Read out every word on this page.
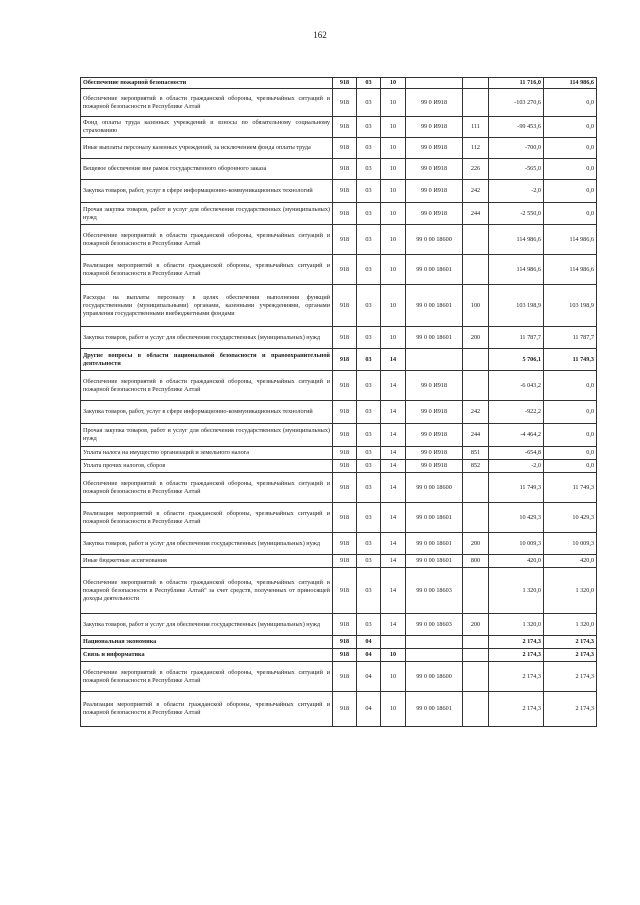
162
Обеспечение пожарной безопасности	918	03	10			11 716,0	114 986,6
Обеспечение мероприятий в области гражданской обороны, чрезвычайных ситуаций и пожарной безопасности в Республике Алтай	918	03	10	99 0 И918		-103 270,6	0,0
Фонд оплаты труда казенных учреждений и взносы по обязательному социальному страхованию	918	03	10	99 0 И918	111	-99 453,6	0,0
Иные выплаты персоналу казенных учреждений, за исключением фонда оплаты труда	918	03	10	99 0 И918	112	-700,0	0,0
Вещевое обеспечение вне рамок государственного оборонного заказа	918	03	10	99 0 И918	226	-565,0	0,0
Закупка товаров, работ, услуг в сфере информационно-коммуникационных технологий	918	03	10	99 0 И918	242	-2,0	0,0
Прочая закупка товаров, работ и услуг для обеспечения государственных (муниципальных) нужд	918	03	10	99 0 И918	244	-2 550,0	0,0
Обеспечение мероприятий в области гражданской обороны, чрезвычайных ситуаций и пожарной безопасности в Республике Алтай	918	03	10	99 0 00 18600		114 986,6	114 986,6
Реализация мероприятий в области гражданской обороны, чрезвычайных ситуаций и пожарной безопасности в Республике Алтай	918	03	10	99 0 00 18601		114 986,6	114 986,6
Расходы на выплаты персоналу в целях обеспечения выполнения функций государственными (муниципальными) органами, казенными учреждениями, органами управления государственными внебюджетными фондами	918	03	10	99 0 00 18601	100	103 198,9	103 198,9
Закупка товаров, работ и услуг для обеспечения государственных (муниципальных) нужд	918	03	10	99 0 00 18601	200	11 787,7	11 787,7
Другие вопросы в области национальной безопасности и правоохранительной деятельности	918	03	14			5 706,1	11 749,3
Обеспечение мероприятий в области гражданской обороны, чрезвычайных ситуаций и пожарной безопасности в Республике Алтай	918	03	14	99 0 И918		-6 043,2	0,0
Закупка товаров, работ, услуг в сфере информационно-коммуникационных технологий	918	03	14	99 0 И918	242	-922,2	0,0
Прочая закупка товаров, работ и услуг для обеспечения государственных (муниципальных) нужд	918	03	14	99 0 И918	244	-4 464,2	0,0
Уплата налога на имущество организаций и земельного налога	918	03	14	99 0 И918	851	-654,8	0,0
Уплата прочих налогов, сборов	918	03	14	99 0 И918	852	-2,0	0,0
Обеспечение мероприятий в области гражданской обороны, чрезвычайных ситуаций и пожарной безопасности в Республике Алтай	918	03	14	99 0 00 18600		11 749,3	11 749,3
Реализация мероприятий в области гражданской обороны, чрезвычайных ситуаций и пожарной безопасности в Республике Алтай	918	03	14	99 0 00 18601		10 429,3	10 429,3
Закупка товаров, работ и услуг для обеспечения государственных (муниципальных) нужд	918	03	14	99 0 00 18601	200	10 009,3	10 009,3
Иные бюджетные ассигнования	918	03	14	99 0 00 18601	800	420,0	420,0
Обеспечение мероприятий в области гражданской обороны, чрезвычайных ситуаций и пожарной безопасности в Республике Алтай" за счет средств, полученных от приносящей доходы деятельности	918	03	14	99 0 00 18603		1 320,0	1 320,0
Закупка товаров, работ и услуг для обеспечения государственных (муниципальных) нужд	918	03	14	99 0 00 18603	200	1 320,0	1 320,0
Национальная экономика	918	04				2 174,3	2 174,3
Связь и информатика	918	04	10			2 174,3	2 174,3
Обеспечение мероприятий в области гражданской обороны, чрезвычайных ситуаций и пожарной безопасности в Республике Алтай	918	04	10	99 0 00 18600		2 174,3	2 174,3
Реализация мероприятий в области гражданской обороны, чрезвычайных ситуаций и пожарной безопасности в Республике Алтай	918	04	10	99 0 00 18601		2 174,3	2 174,3
